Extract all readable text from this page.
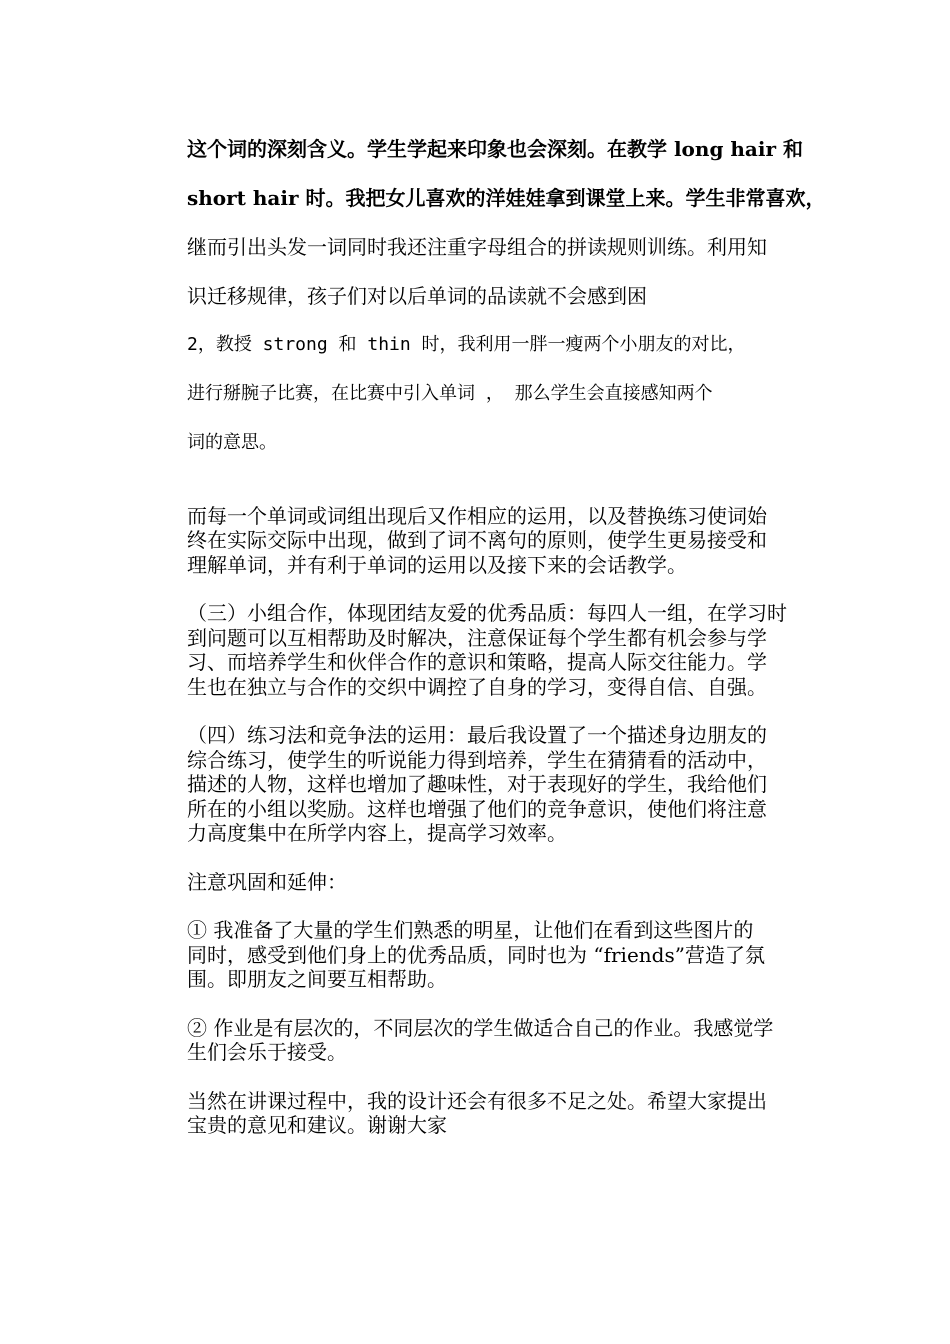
这个词的深刻含义。学生学起来印象也会深刻。在教学 long hair 和

short hair 时。我把女儿喜欢的洋娃娃拿到课堂上来。学生非常喜欢，

继而引出头发一词同时我还注重字母组合的拼读规则训练。利用知

识迁移规律，孩子们对以后单词的品读就不会感到困

2，教授 strong 和 thin 时，我利用一胖一瘦两个小朋友的对比，

进行掰腕子比赛，在比赛中引入单词 ， 那么学生会直接感知两个

词的意思。

而每一个单词或词组出现后又作相应的运用，以及替换练习使词始
终在实际交际中出现，做到了词不离句的原则，使学生更易接受和
理解单词，并有利于单词的运用以及接下来的会话教学。

（三）小组合作，体现团结友爱的优秀品质：每四人一组，在学习时
到问题可以互相帮助及时解决，注意保证每个学生都有机会参与学
习、而培养学生和伙伴合作的意识和策略，提高人际交往能力。学
生也在独立与合作的交织中调控了自身的学习，变得自信、自强。

（四）练习法和竞争法的运用：最后我设置了一个描述身边朋友的
综合练习，使学生的听说能力得到培养，学生在猜猜看的活动中，
描述的人物，这样也增加了趣味性，对于表现好的学生，我给他们
所在的小组以奖励。这样也增强了他们的竞争意识，使他们将注意
力高度集中在所学内容上，提高学习效率。

注意巩固和延伸：

① 我准备了大量的学生们熟悉的明星，让他们在看到这些图片的
同时，感受到他们身上的优秀品质，同时也为 “friends”营造了氛
围。即朋友之间要互相帮助。

② 作业是有层次的，不同层次的学生做适合自己的作业。我感觉学
生们会乐于接受。

当然在讲课过程中，我的设计还会有很多不足之处。希望大家提出
宝贵的意见和建议。谢谢大家
